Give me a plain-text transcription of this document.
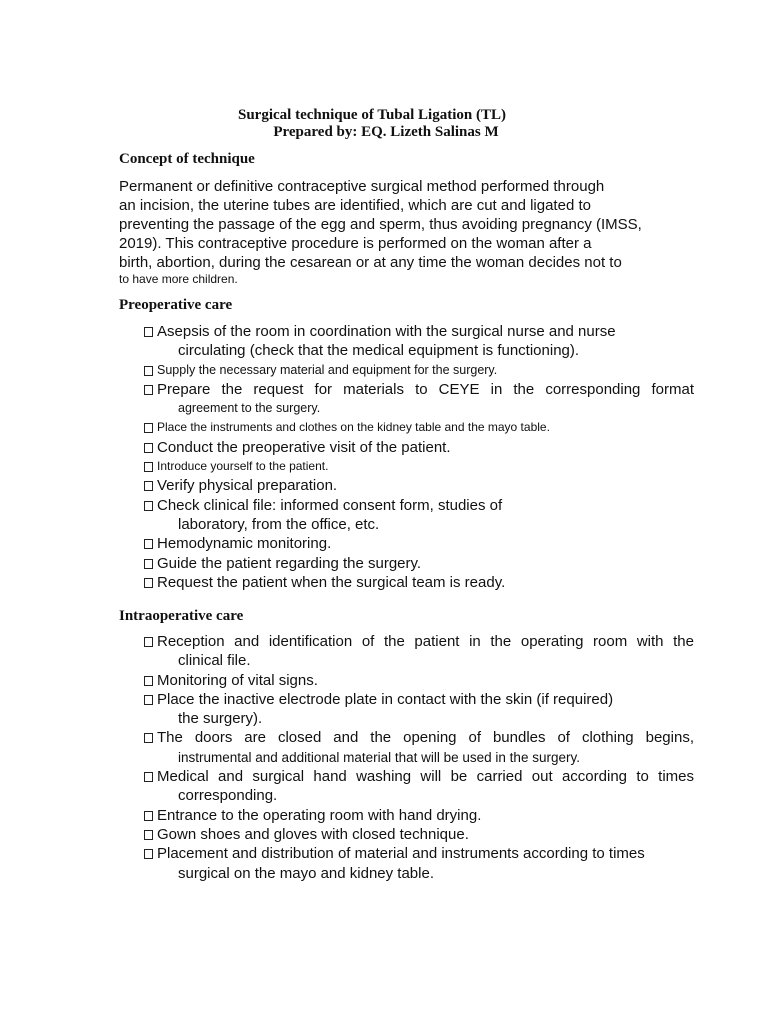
Surgical technique of Tubal Ligation (TL)
Prepared by: EQ. Lizeth Salinas M
Concept of technique
Permanent or definitive contraceptive surgical method performed through
an incision, the uterine tubes are identified, which are cut and ligated to
preventing the passage of the egg and sperm, thus avoiding pregnancy (IMSS,
2019). This contraceptive procedure is performed on the woman after a
birth, abortion, during the cesarean or at any time the woman decides not to
to have more children.
Preoperative care
Asepsis of the room in coordination with the surgical nurse and nurse
circulating (check that the medical equipment is functioning).
Supply the necessary material and equipment for the surgery.
Prepare the request for materials to CEYE in the corresponding format
agreement to the surgery.
Place the instruments and clothes on the kidney table and the mayo table.
Conduct the preoperative visit of the patient.
Introduce yourself to the patient.
Verify physical preparation.
Check clinical file: informed consent form, studies of
laboratory, from the office, etc.
Hemodynamic monitoring.
Guide the patient regarding the surgery.
Request the patient when the surgical team is ready.
Intraoperative care
Reception and identification of the patient in the operating room with the
clinical file.
Monitoring of vital signs.
Place the inactive electrode plate in contact with the skin (if required)
the surgery).
The doors are closed and the opening of bundles of clothing begins,
instrumental and additional material that will be used in the surgery.
Medical and surgical hand washing will be carried out according to times
corresponding.
Entrance to the operating room with hand drying.
Gown shoes and gloves with closed technique.
Placement and distribution of material and instruments according to times
surgical on the mayo and kidney table.
